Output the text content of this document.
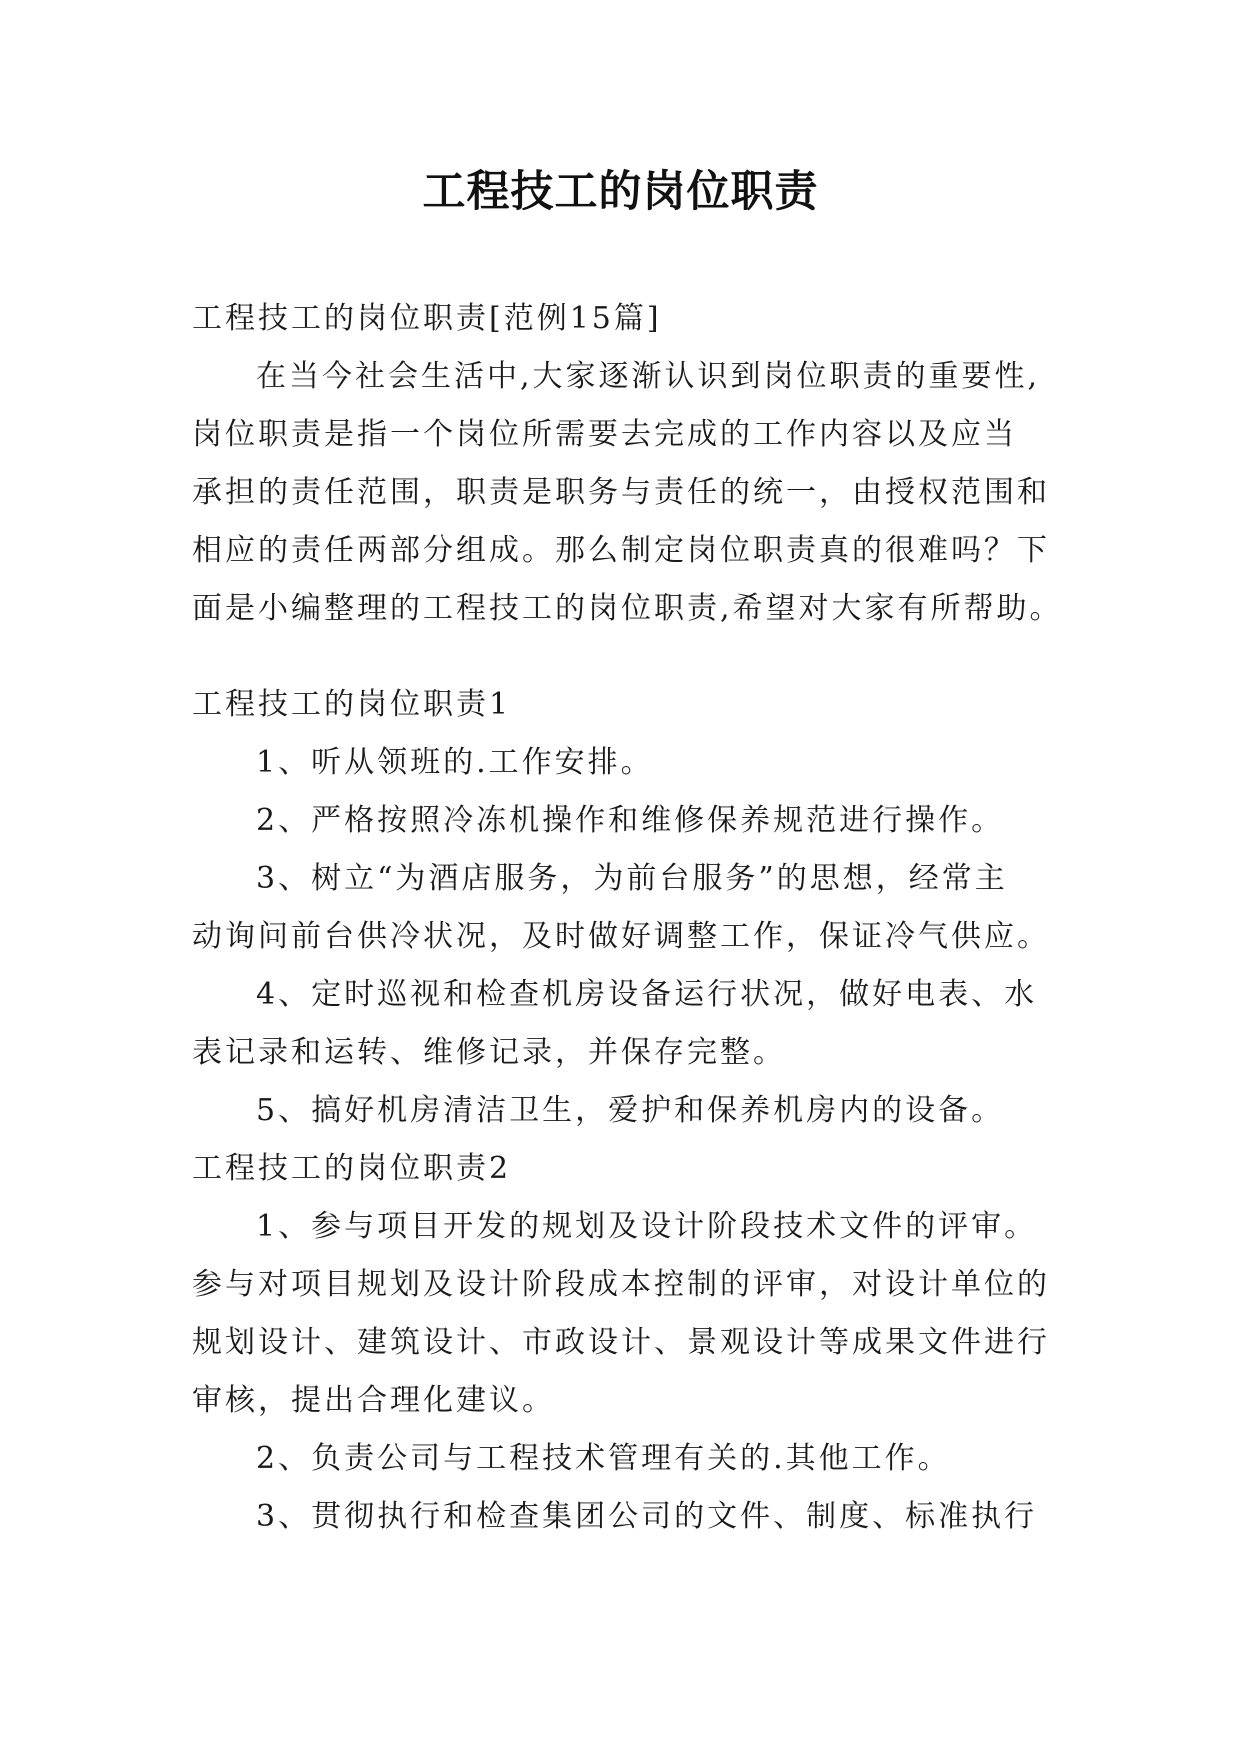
工程技工的岗位职责

工程技工的岗位职责[范例15篇]

在当今社会生活中,大家逐渐认识到岗位职责的重要性,

岗位职责是指一个岗位所需要去完成的工作内容以及应当

承担的责任范围，职责是职务与责任的统一，由授权范围和

相应的责任两部分组成。那么制定岗位职责真的很难吗？下

面是小编整理的工程技工的岗位职责,希望对大家有所帮助。

工程技工的岗位职责1

1、听从领班的.工作安排。

2、严格按照冷冻机操作和维修保养规范进行操作。

3、树立“为酒店服务，为前台服务”的思想，经常主

动询问前台供冷状况，及时做好调整工作，保证冷气供应。

4、定时巡视和检查机房设备运行状况，做好电表、水

表记录和运转、维修记录，并保存完整。

5、搞好机房清洁卫生，爱护和保养机房内的设备。

工程技工的岗位职责2

1、参与项目开发的规划及设计阶段技术文件的评审。

参与对项目规划及设计阶段成本控制的评审，对设计单位的

规划设计、建筑设计、市政设计、景观设计等成果文件进行

审核，提出合理化建议。

2、负责公司与工程技术管理有关的.其他工作。

3、贯彻执行和检查集团公司的文件、制度、标准执行
